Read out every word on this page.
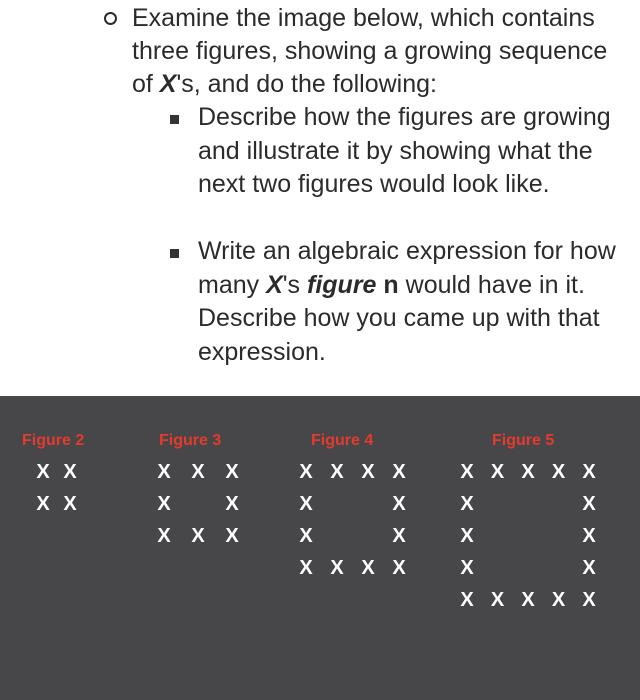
Examine the image below, which contains three figures, showing a growing sequence of X's, and do the following:
Describe how the figures are growing and illustrate it by showing what the next two figures would look like.
Write an algebraic expression for how many X's figure n would have in it. Describe how you came up with that expression.
Figure 2	Figure 3	Figure 4	Figure 5
X X
X X
X X X
X	X
X X X
X X X X
X	X
X	X
X X X X
X X X X X
X	X
X	X
X	X
X X X X X
